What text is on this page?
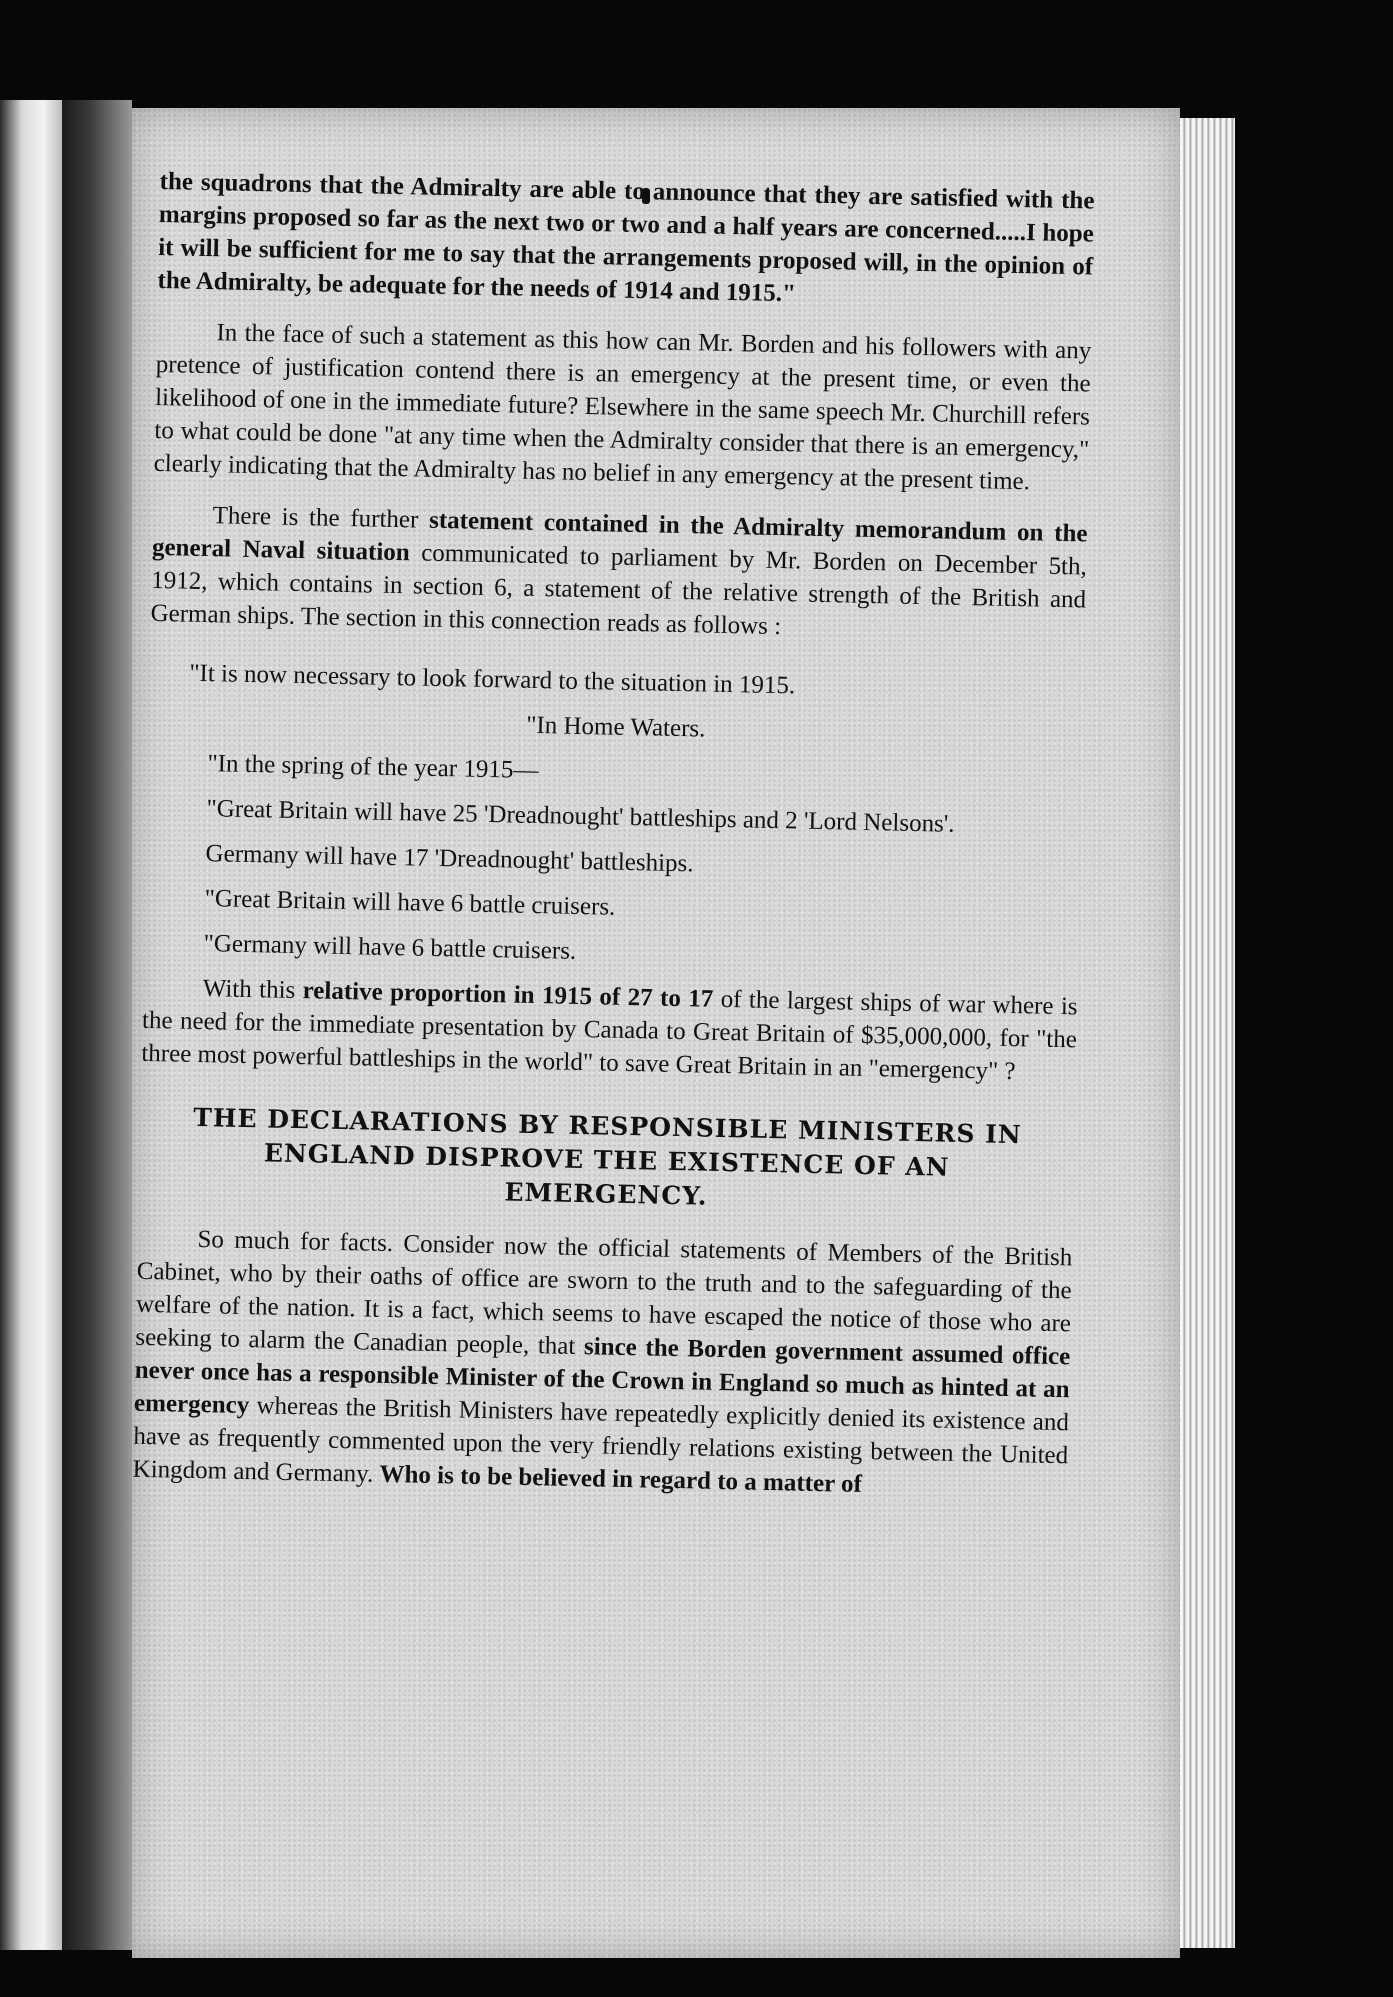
the squadrons that the Admiralty are able to announce that they are satisfied with the margins proposed so far as the next two or two and a half years are concerned.....I hope it will be sufficient for me to say that the arrangements proposed will, in the opinion of the Admiralty, be adequate for the needs of 1914 and 1915."

In the face of such a statement as this how can Mr. Borden and his followers with any pretence of justification contend there is an emergency at the present time, or even the likelihood of one in the immediate future? Elsewhere in the same speech Mr. Churchill refers to what could be done "at any time when the Admiralty consider that there is an emergency," clearly indicating that the Admiralty has no belief in any emergency at the present time.

There is the further statement contained in the Admiralty memorandum on the general Naval situation communicated to parliament by Mr. Borden on December 5th, 1912, which contains in section 6, a statement of the relative strength of the British and German ships. The section in this connection reads as follows :

"It is now necessary to look forward to the situation in 1915.

"In Home Waters.

"In the spring of the year 1915—

"Great Britain will have 25 'Dreadnought' battleships and 2 'Lord Nelsons'.

Germany will have 17 'Dreadnought' battleships.

"Great Britain will have 6 battle cruisers.

"Germany will have 6 battle cruisers.

With this relative proportion in 1915 of 27 to 17 of the largest ships of war where is the need for the immediate presentation by Canada to Great Britain of $35,000,000, for "the three most powerful battleships in the world" to save Great Britain in an "emergency" ?

THE DECLARATIONS BY RESPONSIBLE MINISTERS IN ENGLAND DISPROVE THE EXISTENCE OF AN EMERGENCY.

So much for facts. Consider now the official statements of Members of the British Cabinet, who by their oaths of office are sworn to the truth and to the safeguarding of the welfare of the nation. It is a fact, which seems to have escaped the notice of those who are seeking to alarm the Canadian people, that since the Borden government assumed office never once has a responsible Minister of the Crown in England so much as hinted at an emergency whereas the British Ministers have repeatedly explicitly denied its existence and have as frequently commented upon the very friendly relations existing between the United Kingdom and Germany. Who is to be believed in regard to a matter of
